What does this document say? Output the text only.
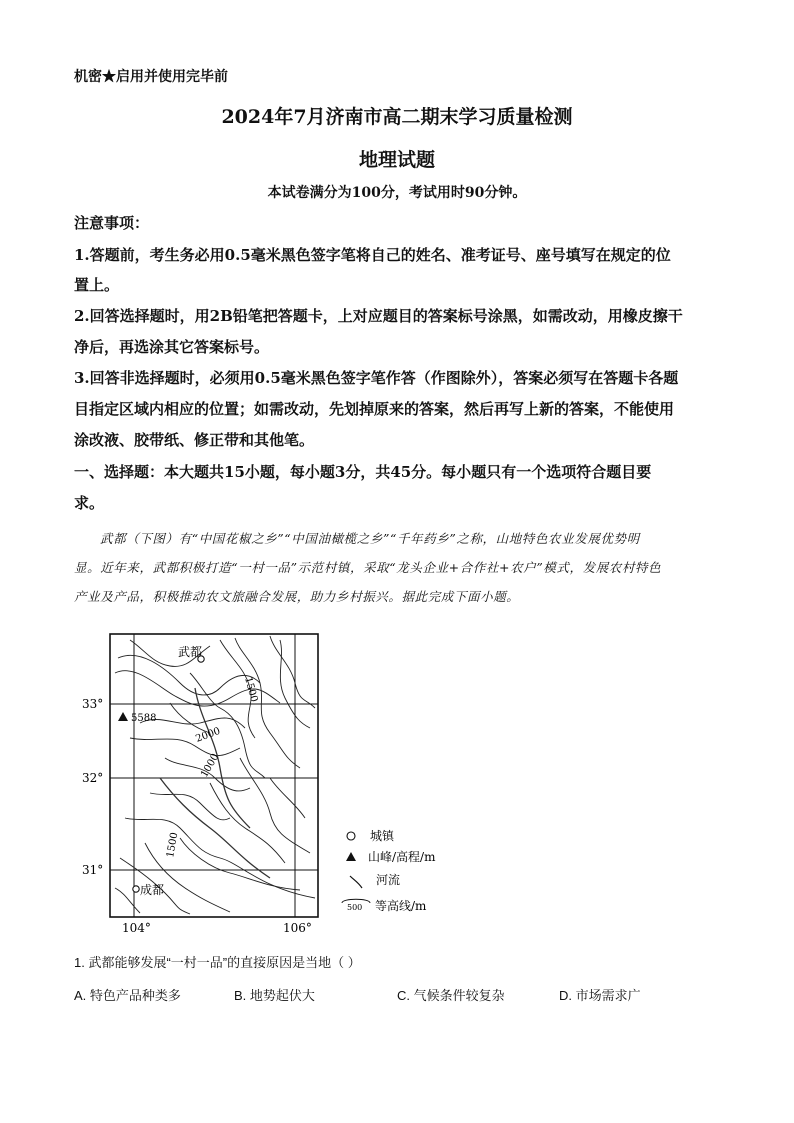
机密★启用并使用完毕前
2024年7月济南市高二期末学习质量检测
地理试题
本试卷满分为100分，考试用时90分钟。
注意事项：
1.答题前，考生务必用0.5毫米黑色签字笔将自己的姓名、准考证号、座号填写在规定的位
置上。
2.回答选择题时，用2B铅笔把答题卡，上对应题目的答案标号涂黑，如需改动，用橡皮擦干
净后，再选涂其它答案标号。
3.回答非选择题时，必须用0.5毫米黑色签字笔作答（作图除外），答案必须写在答题卡各题
目指定区域内相应的位置；如需改动，先划掉原来的答案，然后再写上新的答案，不能使用
涂改液、胶带纸、修正带和其他笔。
一、选择题：本大题共15小题，每小题3分，共45分。每小题只有一个选项符合题目要
求。
武都（下图）有“中国花椒之乡”“中国油橄榄之乡”“千年药乡”之称，山地特色农业发展优势明
显。近年来，武都积极打造“一村一品”示范村镇，采取“龙头企业+合作社+农户”模式，发展农村特色
产业及产品，积极推动农文旅融合发展，助力乡村振兴。据此完成下面小题。
33°
32°
31°
104°	106°
武都
成都
5588
1500
2000
1000
1500	城镇
山峰/高程/m
河流
500 等高线/m
1. 武都能够发展“一村一品”的直接原因是当地（ ）
A. 特色产品种类多	B. 地势起伏大	C. 气候条件较复杂	D. 市场需求广
